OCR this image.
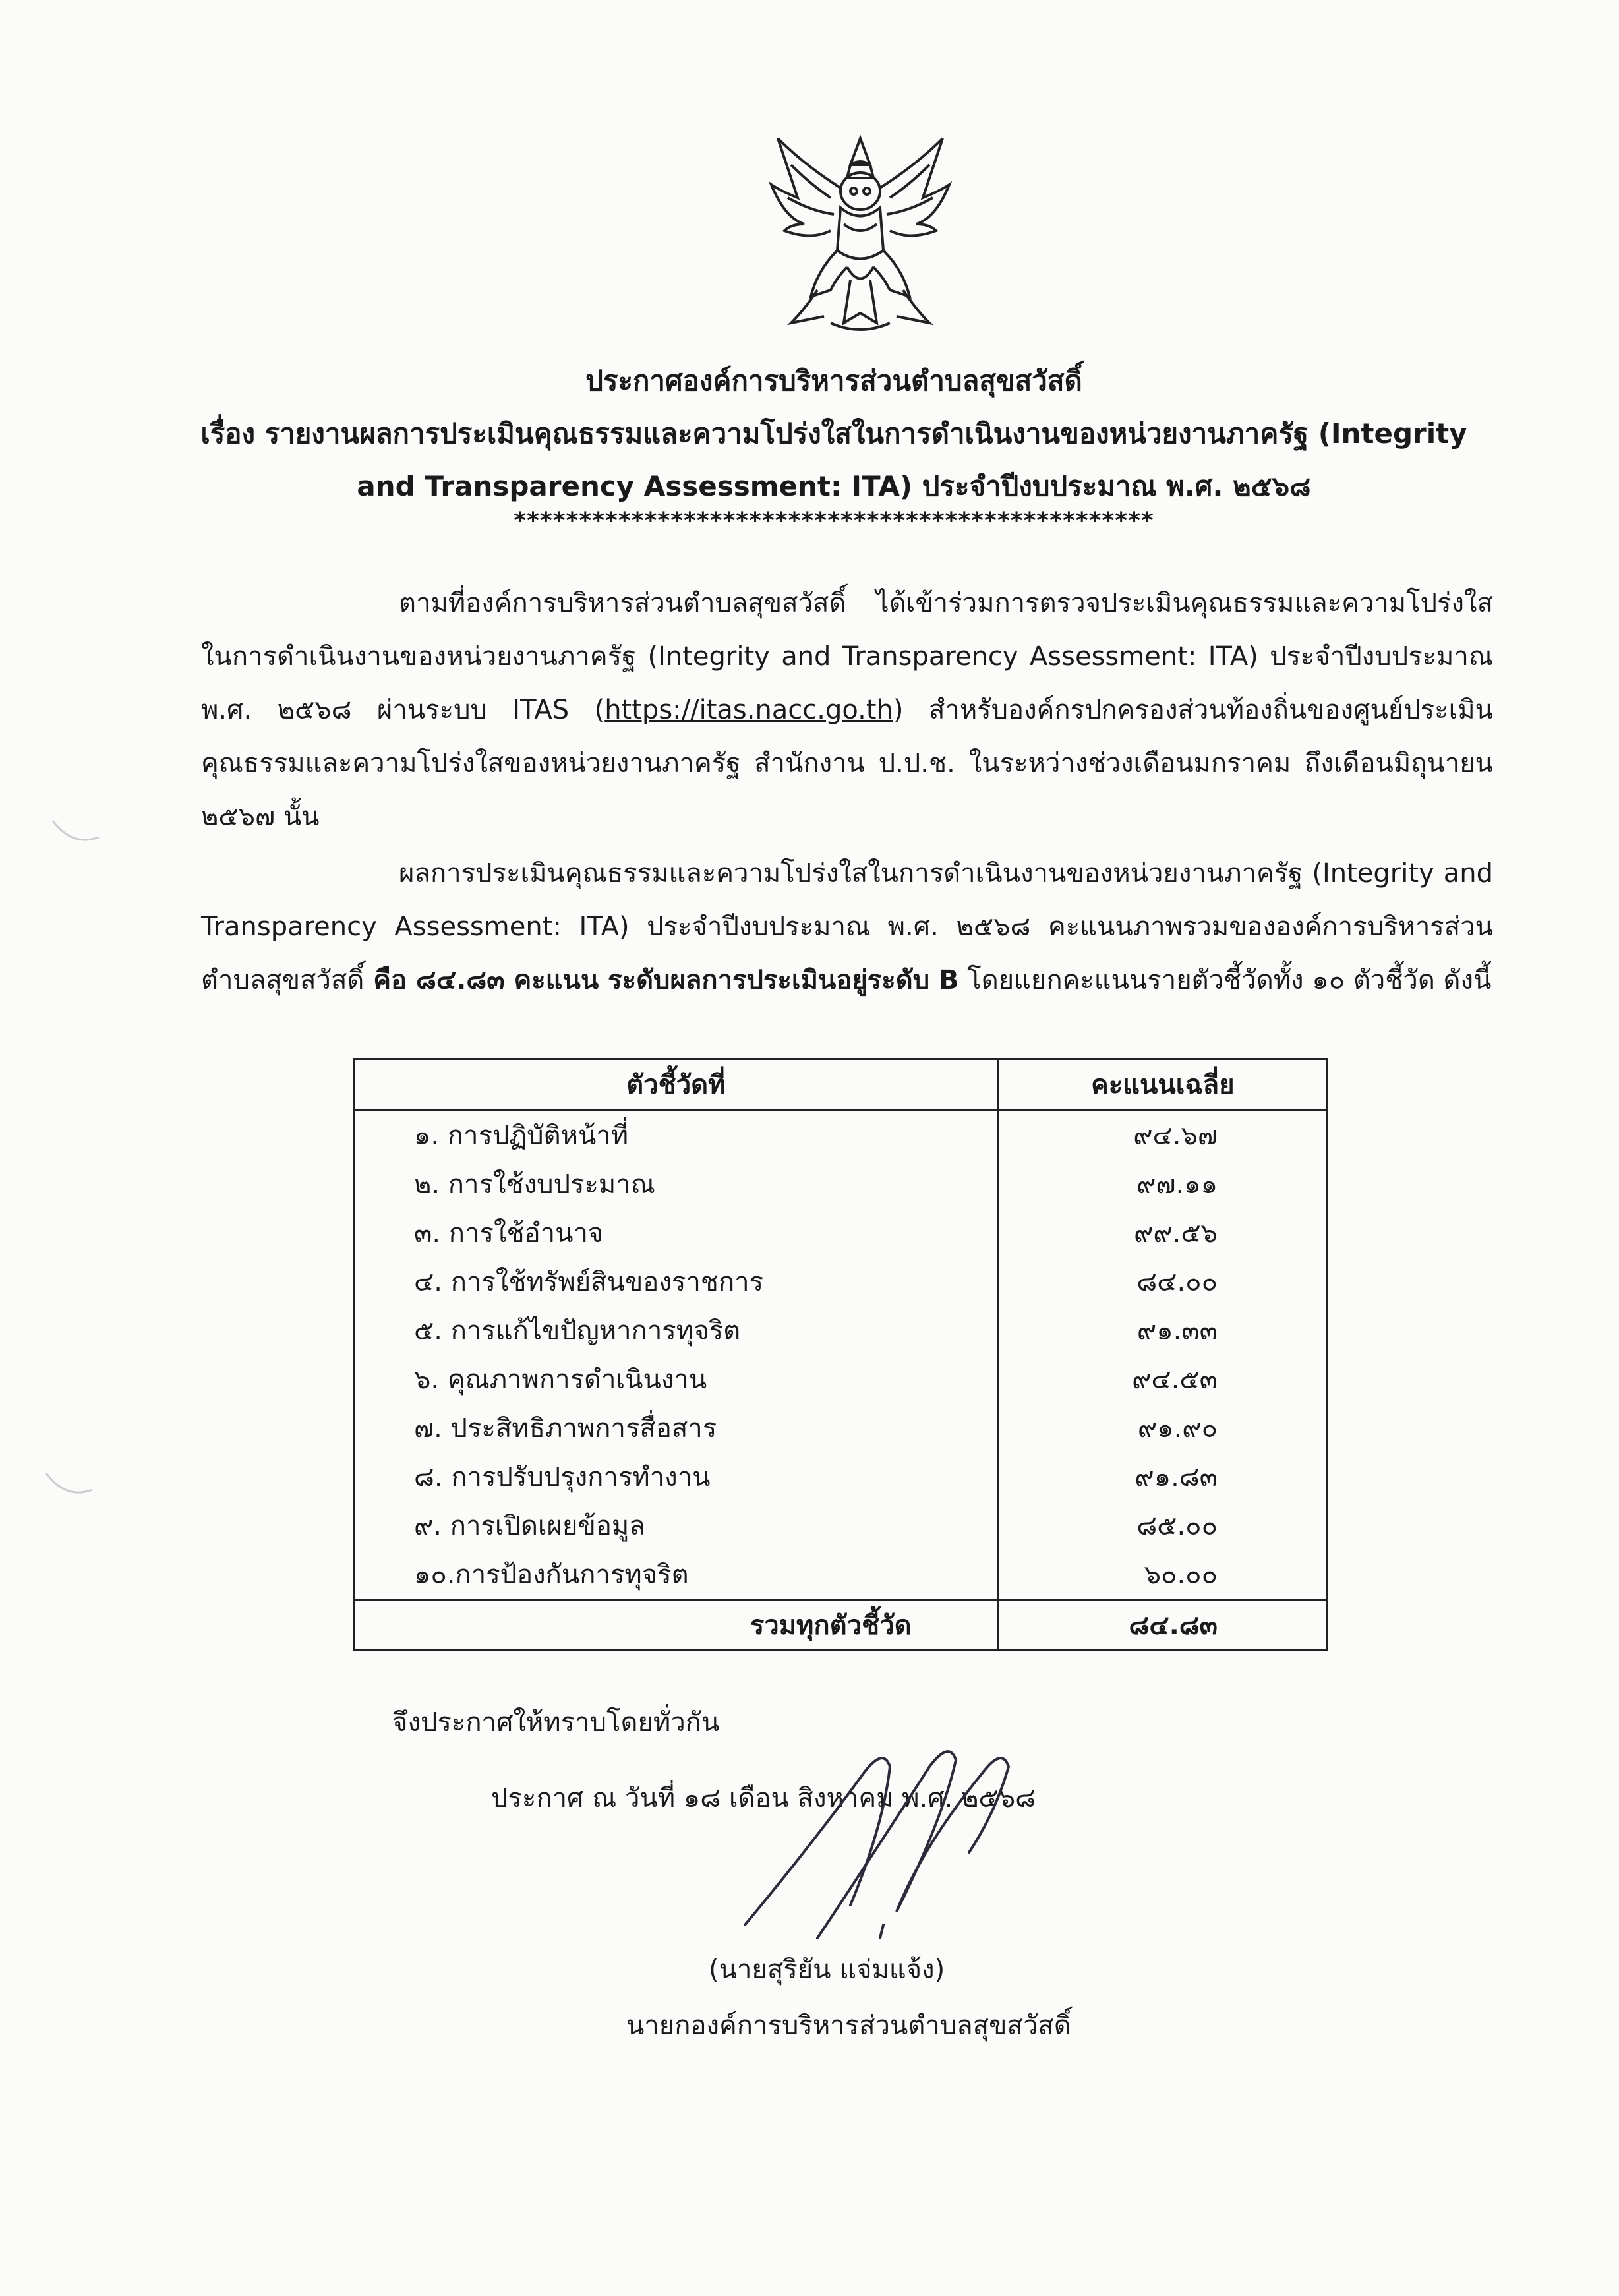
ประกาศองค์การบริหารส่วนตำบลสุขสวัสดิ์
เรื่อง รายงานผลการประเมินคุณธรรมและความโปร่งใสในการดำเนินงานของหน่วยงานภาครัฐ (Integrity
and Transparency Assessment: ITA) ประจำปีงบประมาณ พ.ศ. ๒๕๖๘
*************************************************
ตามที่องค์การบริหารส่วนตำบลสุขสวัสดิ์ ได้เข้าร่วมการตรวจประเมินคุณธรรมและความโปร่งใสในการดำเนินงานของหน่วยงานภาครัฐ (Integrity and Transparency Assessment: ITA) ประจำปีงบประมาณ พ.ศ. ๒๕๖๘ ผ่านระบบ ITAS (https://itas.nacc.go.th) สำหรับองค์กรปกครองส่วนท้องถิ่นของศูนย์ประเมินคุณธรรมและความโปร่งใสของหน่วยงานภาครัฐ สำนักงาน ป.ป.ช. ในระหว่างช่วงเดือนมกราคม ถึงเดือนมิถุนายน ๒๕๖๗ นั้น
ผลการประเมินคุณธรรมและความโปร่งใสในการดำเนินงานของหน่วยงานภาครัฐ (Integrity and Transparency Assessment: ITA) ประจำปีงบประมาณ พ.ศ. ๒๕๖๘ คะแนนภาพรวมขององค์การบริหารส่วนตำบลสุขสวัสดิ์ คือ ๘๔.๘๓ คะแนน ระดับผลการประเมินอยู่ระดับ B โดยแยกคะแนนรายตัวชี้วัดทั้ง ๑๐ ตัวชี้วัด ดังนี้
ตัวชี้วัดที่	คะแนนเฉลี่ย
๑. การปฏิบัติหน้าที่	๙๔.๖๗
๒. การใช้งบประมาณ	๙๗.๑๑
๓. การใช้อำนาจ	๙๙.๕๖
๔. การใช้ทรัพย์สินของราชการ	๘๔.๐๐
๕. การแก้ไขปัญหาการทุจริต	๙๑.๓๓
๖. คุณภาพการดำเนินงาน	๙๔.๕๓
๗. ประสิทธิภาพการสื่อสาร	๙๑.๙๐
๘. การปรับปรุงการทำงาน	๙๑.๘๓
๙. การเปิดเผยข้อมูล	๘๕.๐๐
๑๐.การป้องกันการทุจริต	๖๐.๐๐
รวมทุกตัวชี้วัด	๘๔.๘๓
จึงประกาศให้ทราบโดยทั่วกัน
ประกาศ ณ วันที่ ๑๘ เดือน สิงหาคม พ.ศ. ๒๕๖๘
(นายสุริยัน แจ่มแจ้ง)
นายกองค์การบริหารส่วนตำบลสุขสวัสดิ์
